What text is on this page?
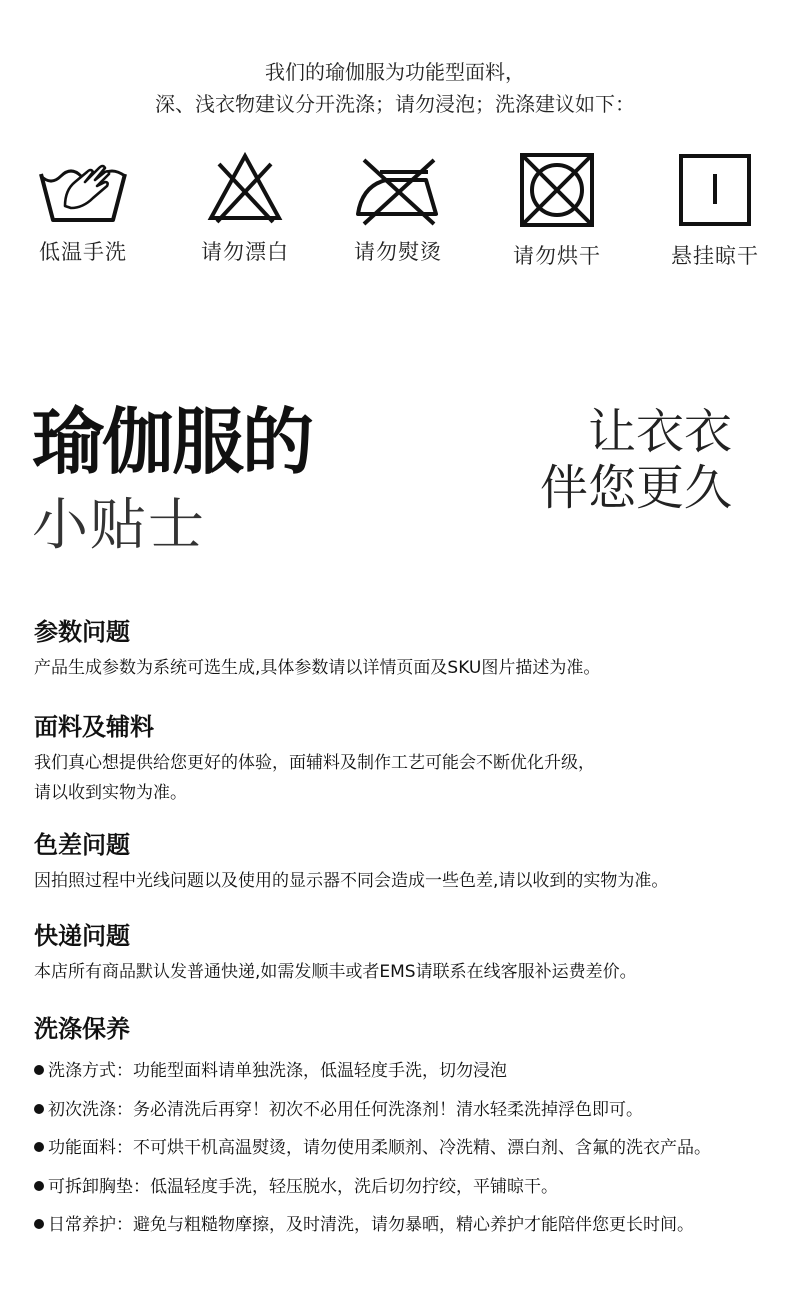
我们的瑜伽服为功能型面料，
深、浅衣物建议分开洗涤；请勿浸泡；洗涤建议如下：
低温手洗	请勿漂白	请勿熨烫	请勿烘干	悬挂晾干
瑜伽服的
小贴士
让衣衣
伴您更久
参数问题
产品生成参数为系统可选生成,具体参数请以详情页面及SKU图片描述为准。
面料及辅料
我们真心想提供给您更好的体验，面辅料及制作工艺可能会不断优化升级，
请以收到实物为准。
色差问题
因拍照过程中光线问题以及使用的显示器不同会造成一些色差,请以收到的实物为准。
快递问题
本店所有商品默认发普通快递,如需发顺丰或者EMS请联系在线客服补运费差价。
洗涤保养
洗涤方式：功能型面料请单独洗涤，低温轻度手洗，切勿浸泡
初次洗涤：务必清洗后再穿！初次不必用任何洗涤剂！清水轻柔洗掉浮色即可。
功能面料：不可烘干机高温熨烫，请勿使用柔顺剂、冷洗精、漂白剂、含氟的洗衣产品。
可拆卸胸垫：低温轻度手洗，轻压脱水，洗后切勿拧绞，平铺晾干。
日常养护：避免与粗糙物摩擦，及时清洗，请勿暴晒，精心养护才能陪伴您更长时间。
